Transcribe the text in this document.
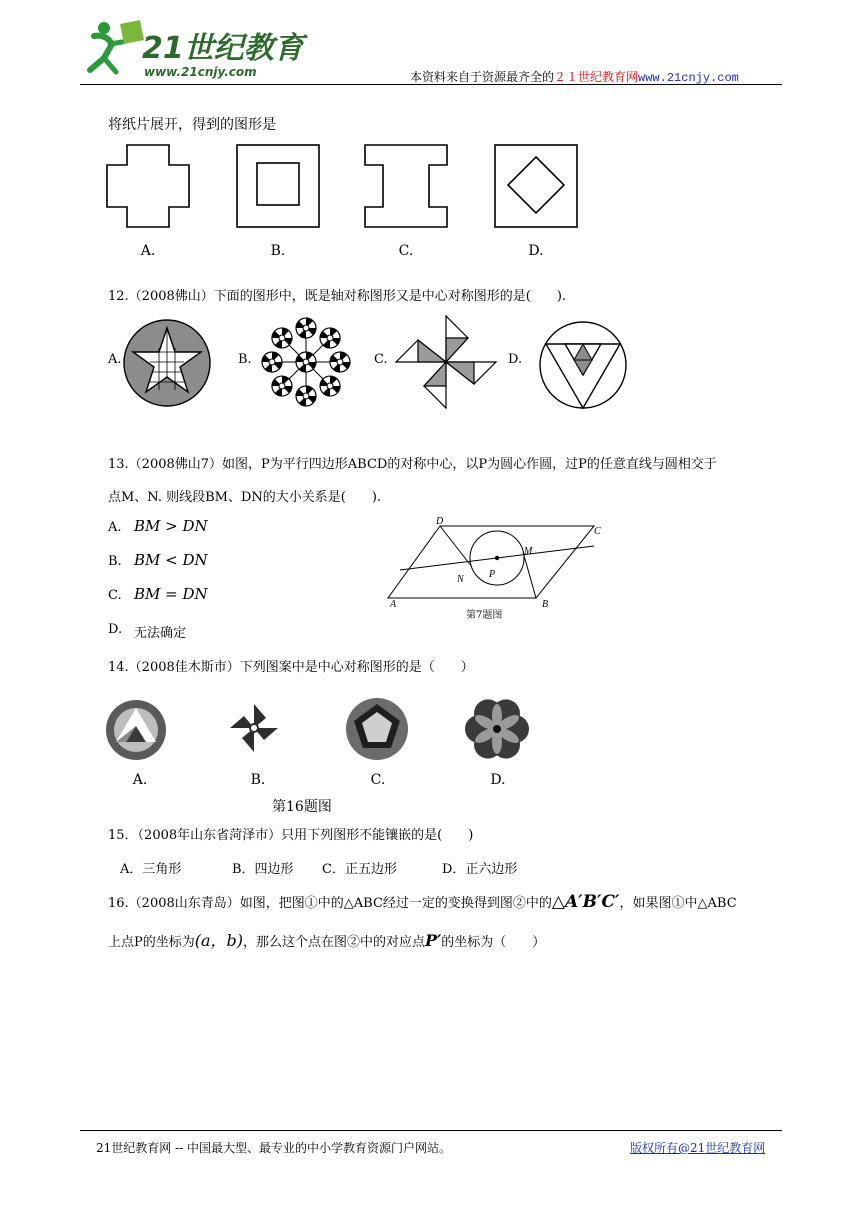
21世纪教育
www.21cnjy.com	本资料来自于资源最齐全的２１世纪教育网www.21cnjy.com
将纸片展开，得到的图形是
A.	B.	C.	D.
12.（2008佛山）下面的图形中，既是轴对称图形又是中心对称图形的是(　　).
A.	B.	C.	D.
13.（2008佛山7）如图，P为平行四边形ABCD的对称中心，以P为圆心作圆，过P的任意直线与圆相交于
点M、N. 则线段BM、DN的大小关系是(　　).
A. BM > DN
B. BM < DN
C. BM = DN
D. 无法确定
D
C
A	B
M
N	P
第7题图
14.（2008佳木斯市）下列图案中是中心对称图形的是（　　）
A.	B.	C.	D.
第16题图
15．（2008年山东省菏泽市）只用下列图形不能镶嵌的是(　　)
A．三角形	B．四边形 C．正五边形	D．正六边形
16.（2008山东青岛）如图，把图①中的△ABC经过一定的变换得到图②中的△A′B′C′，如果图①中△ABC
上点P的坐标为(a，b)，那么这个点在图②中的对应点P′的坐标为（　　）
21世纪教育网 -- 中国最大型、最专业的中小学教育资源门户网站。	版权所有@21世纪教育网
